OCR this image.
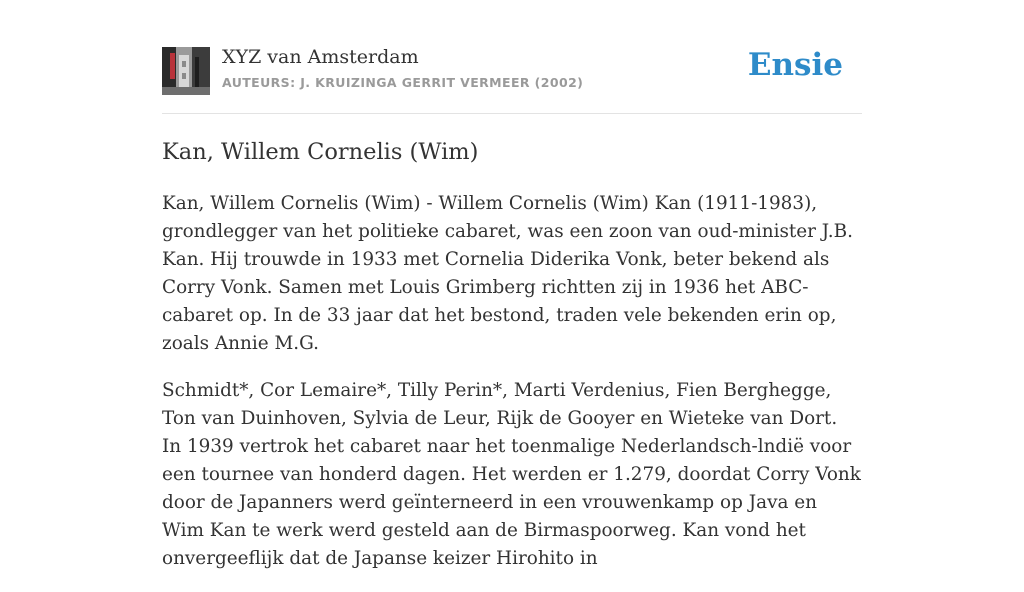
XYZ van Amsterdam
AUTEURS: J. KRUIZINGA GERRIT VERMEER (2002)	Ensie
Kan, Willem Cornelis (Wim)

Kan, Willem Cornelis (Wim) - Willem Cornelis (Wim) Kan (1911-1983), grondlegger van het politieke cabaret, was een zoon van oud-minister J.B. Kan. Hij trouwde in 1933 met Cornelia Diderika Vonk, beter bekend als Corry Vonk. Samen met Louis Grimberg richtten zij in 1936 het ABC-cabaret op. In de 33 jaar dat het bestond, traden vele bekenden erin op, zoals Annie M.G.

Schmidt*, Cor Lemaire*, Tilly Perin*, Marti Verdenius, Fien Berghegge, Ton van Duinhoven, Sylvia de Leur, Rijk de Gooyer en Wieteke van Dort. In 1939 vertrok het cabaret naar het toenmalige Nederlandsch-lndië voor een tournee van honderd dagen. Het werden er 1.279, doordat Corry Vonk door de Japanners werd geïnterneerd in een vrouwenkamp op Java en Wim Kan te werk werd gesteld aan de Birmaspoorweg. Kan vond het onvergeeflijk dat de Japanse keizer Hirohito in
